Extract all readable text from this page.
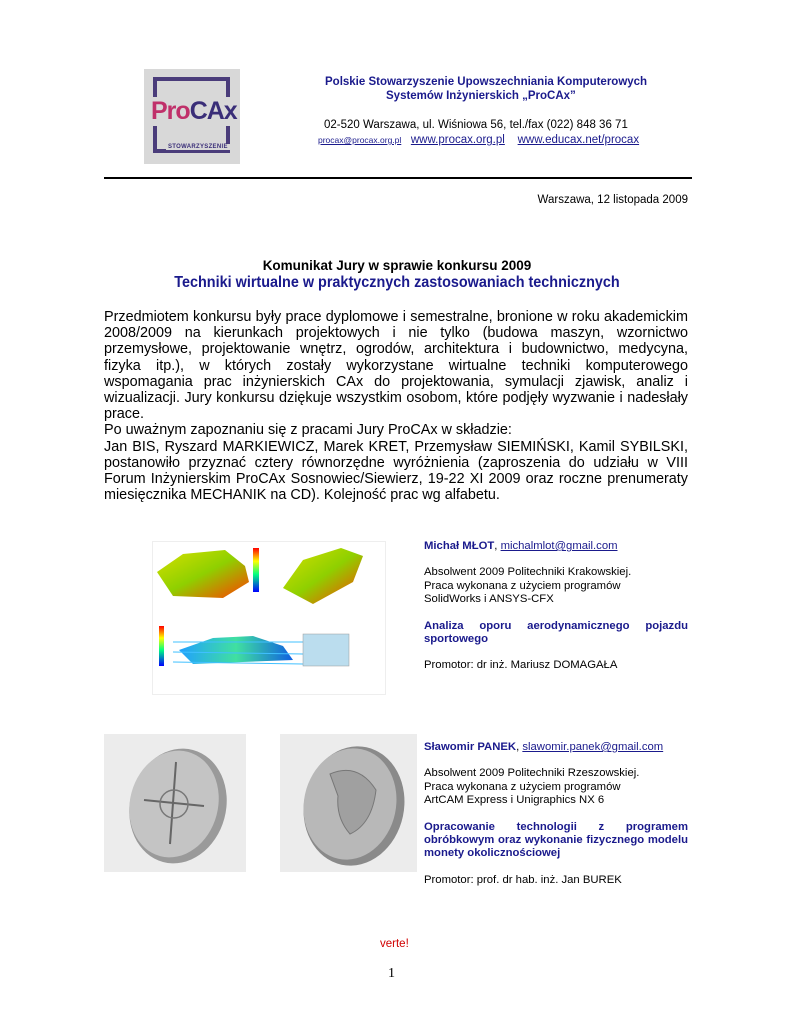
ProCAx
STOWARZYSZENIE
Polskie Stowarzyszenie Upowszechniania Komputerowych
Systemów Inżynierskich „ProCAx”
02-520 Warszawa, ul. Wiśniowa 56, tel./fax (022) 848 36 71
procax@procax.org.pl www.procax.org.pl www.educax.net/procax
Warszawa, 12 listopada 2009
Komunikat Jury w sprawie konkursu 2009
Techniki wirtualne w praktycznych zastosowaniach technicznych

Przedmiotem konkursu były prace dyplomowe i semestralne, bronione w roku akademickim 2008/2009 na kierunkach projektowych i nie tylko (budowa maszyn, wzornictwo przemysłowe, projektowanie wnętrz, ogrodów, architektura i budownictwo, medycyna, fizyka itp.), w których zostały wykorzystane wirtualne techniki komputerowego wspomagania prac inżynierskich CAx do projektowania, symulacji zjawisk, analiz i wizualizacji. Jury konkursu dziękuje wszystkim osobom, które podjęły wyzwanie i nadesłały prace.

Po uważnym zapoznaniu się z pracami Jury ProCAx w składzie:

Jan BIS, Ryszard MARKIEWICZ, Marek KRET, Przemysław SIEMIŃSKI, Kamil SYBILSKI, postanowiło przyznać cztery równorzędne wyróżnienia (zaproszenia do udziału w VIII Forum Inżynierskim ProCAx Sosnowiec/Siewierz, 19-22 XI 2009 oraz roczne prenumeraty miesięcznika MECHANIK na CD). Kolejność prac wg alfabetu.

Michał MŁOT, michalmlot@gmail.com
Absolwent 2009 Politechniki Krakowskiej.
Praca wykonana z użyciem programów
SolidWorks i ANSYS-CFX
Analiza oporu aerodynamicznego pojazdu sportowego
Promotor: dr inż. Mariusz DOMAGAŁA
Sławomir PANEK, slawomir.panek@gmail.com
Absolwent 2009 Politechniki Rzeszowskiej.
Praca wykonana z użyciem programów
ArtCAM Express i Unigraphics NX 6
Opracowanie technologii z programem obróbkowym oraz wykonanie fizycznego modelu monety okolicznościowej
Promotor: prof. dr hab. inż. Jan BUREK
verte!
1
